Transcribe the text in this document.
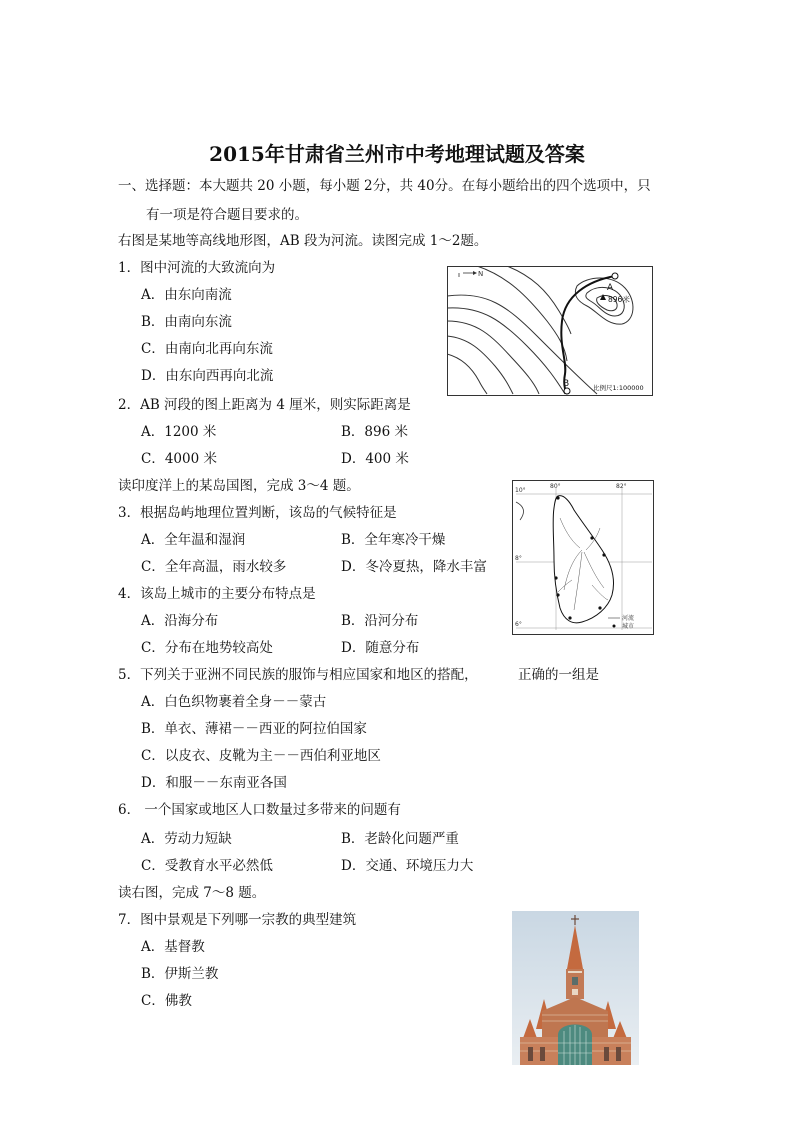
2015年甘肃省兰州市中考地理试题及答案
一、选择题：本大题共 20 小题，每小题 2分，共 40分。在每小题给出的四个选项中，只
有一项是符合题目要求的。
右图是某地等高线地形图，AB 段为河流。读图完成 1～2题。
1．图中河流的大致流向为
A．由东向南流
B．由南向东流
C．由南向北再向东流
D．由东向西再向北流
N
A
B
896米
比例尺1:100000
2．AB 河段的图上距离为 4 厘米，则实际距离是
A．1200 米	B．896 米
C．4000 米	D．400 米
读印度洋上的某岛国图，完成 3～4 题。	80°	82°
10°
8°
6°
河流
城市
3．根据岛屿地理位置判断，该岛的气候特征是
A．全年温和湿润	B．全年寒冷干燥
C．全年高温，雨水较多	D．冬冷夏热，降水丰富
4．该岛上城市的主要分布特点是
A．沿海分布	B．沿河分布
C．分布在地势较高处	D．随意分布
5．下列关于亚洲不同民族的服饰与相应国家和地区的搭配，	正确的一组是
A．白色织物裹着全身－－蒙古
B．单衣、薄裙－－西亚的阿拉伯国家
C．以皮衣、皮靴为主－－西伯利亚地区
D．和服－－东南亚各国
6． 一个国家或地区人口数量过多带来的问题有
A．劳动力短缺	B．老龄化问题严重
C．受教育水平必然低	D．交通、环境压力大
读右图，完成 7～8 题。
7．图中景观是下列哪一宗教的典型建筑
A．基督教
B．伊斯兰教
C．佛教
